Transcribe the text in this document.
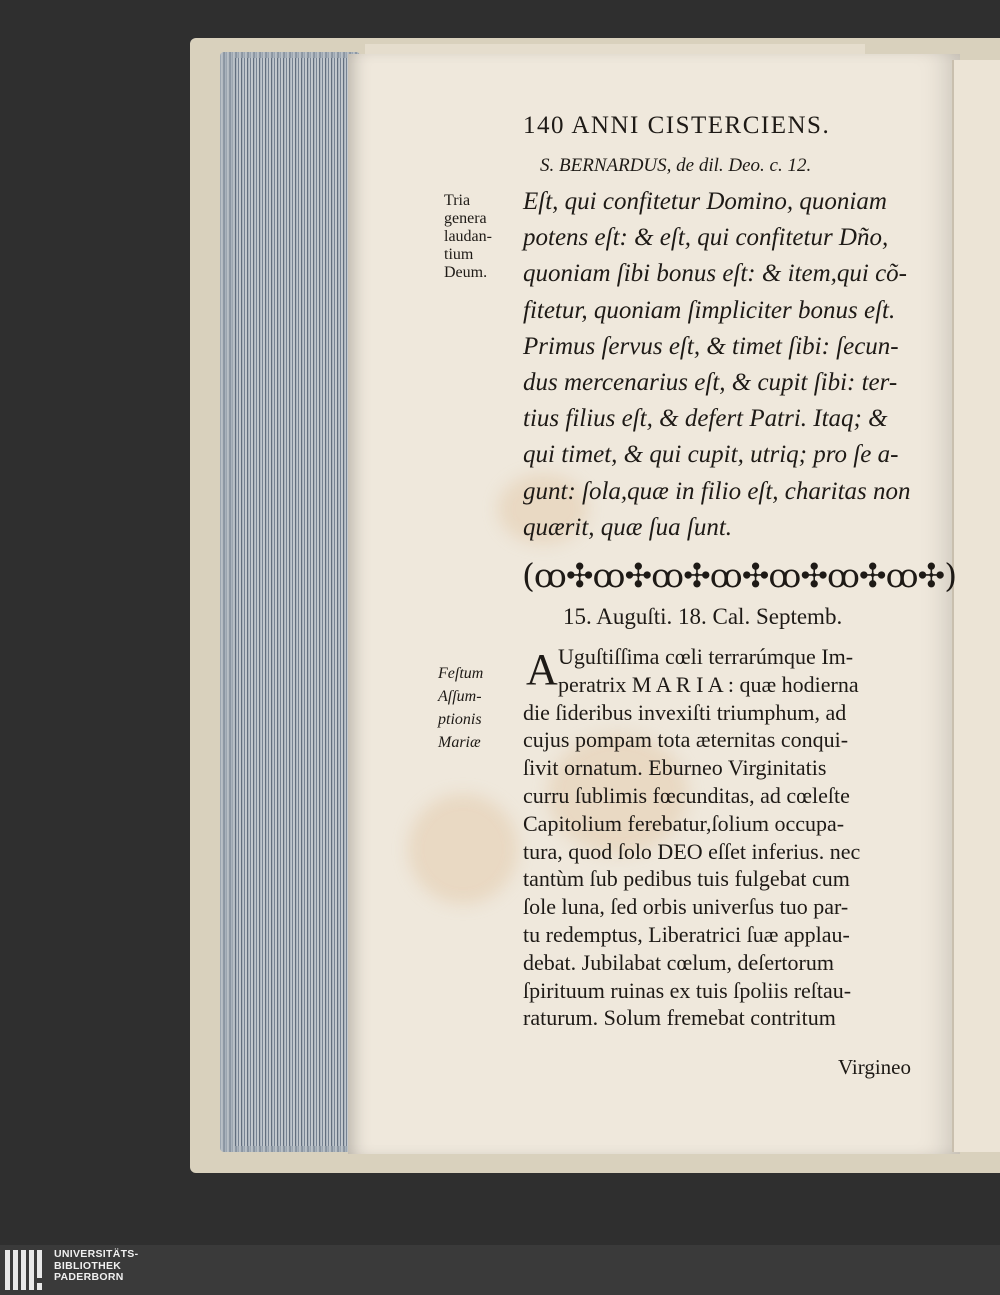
140 ANNI CISTERCIENS.
S. BERNARDUS, de dil. Deo. c. 12.
Tria
genera
laudan-
tium
Deum.
Eſt, qui confitetur Domino, quoniam
potens eſt: & eſt, qui confitetur Dño,
quoniam ſibi bonus eſt: & item,qui cõ-
fitetur, quoniam ſimpliciter bonus eſt.
Primus ſervus eſt, & timet ſibi: ſecun-
dus mercenarius eſt, & cupit ſibi: ter-
tius filius eſt, & defert Patri. Itaq; &
qui timet, & qui cupit, utriq; pro ſe a-
gunt: ſola,quæ in filio eſt, charitas non
quærit, quæ ſua ſunt.
(ꝏ✣ꝏ✣ꝏ✣ꝏ✣ꝏ✣ꝏ✣ꝏ✣)
15. Auguſti. 18. Cal. Septemb.
Feſtum
Aſſum-
ptionis
Mariæ
A Uguſtiſſima cœli terrarúmque Im-
peratrix M A R I A : quæ hodierna
die ſideribus invexiſti triumphum, ad
cujus pompam tota æternitas conqui-
ſivit ornatum. Eburneo Virginitatis
curru ſublimis fœcunditas, ad cœleſte
Capitolium ferebatur,ſolium occupa-
tura, quod ſolo DEO eſſet inferius. nec
tantùm ſub pedibus tuis fulgebat cum
ſole luna, ſed orbis univerſus tuo par-
tu redemptus, Liberatrici ſuæ applau-
debat. Jubilabat cœlum, deſertorum
ſpirituum ruinas ex tuis ſpoliis reſtau-
raturum. Solum fremebat contritum
Virgineo
UNIVERSITÄTS-
BIBLIOTHEK
PADERBORN
